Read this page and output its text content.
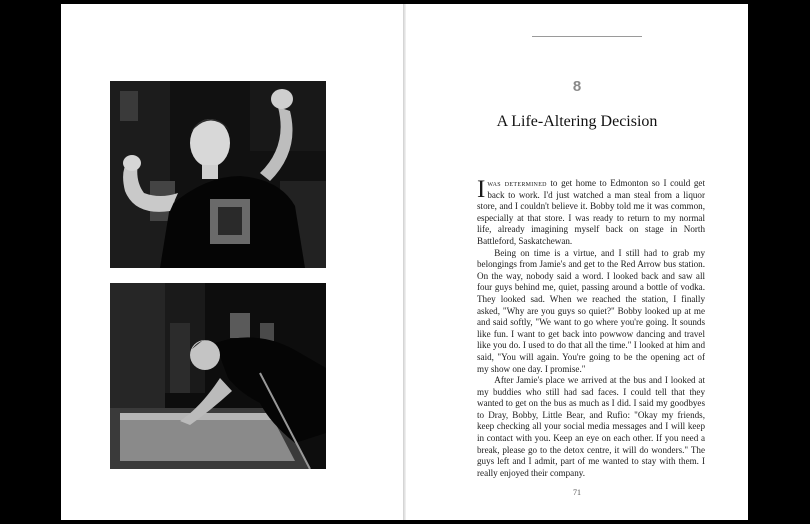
8
A Life-Altering Decision

Iwas determined to get home to Edmonton so I could get back to work. I'd just watched a man steal from a liquor store, and I couldn't believe it. Bobby told me it was common, especially at that store. I was ready to return to my normal life, already imagining myself back on stage in North Battleford, Saskatchewan.

Being on time is a virtue, and I still had to grab my belongings from Jamie's and get to the Red Arrow bus station. On the way, nobody said a word. I looked back and saw all four guys behind me, quiet, passing around a bottle of vodka. They looked sad. When we reached the station, I finally asked, "Why are you guys so quiet?" Bobby looked up at me and said softly, "We want to go where you're going. It sounds like fun. I want to get back into powwow dancing and travel like you do. I used to do that all the time." I looked at him and said, "You will again. You're going to be the opening act of my show one day. I promise."

After Jamie's place we arrived at the bus and I looked at my buddies who still had sad faces. I could tell that they wanted to get on the bus as much as I did. I said my goodbyes to Dray, Bobby, Little Bear, and Rufio: "Okay my friends, keep checking all your social media messages and I will keep in contact with you. Keep an eye on each other. If you need a break, please go to the detox centre, it will do wonders." The guys left and I admit, part of me wanted to stay with them. I really enjoyed their company.

71
